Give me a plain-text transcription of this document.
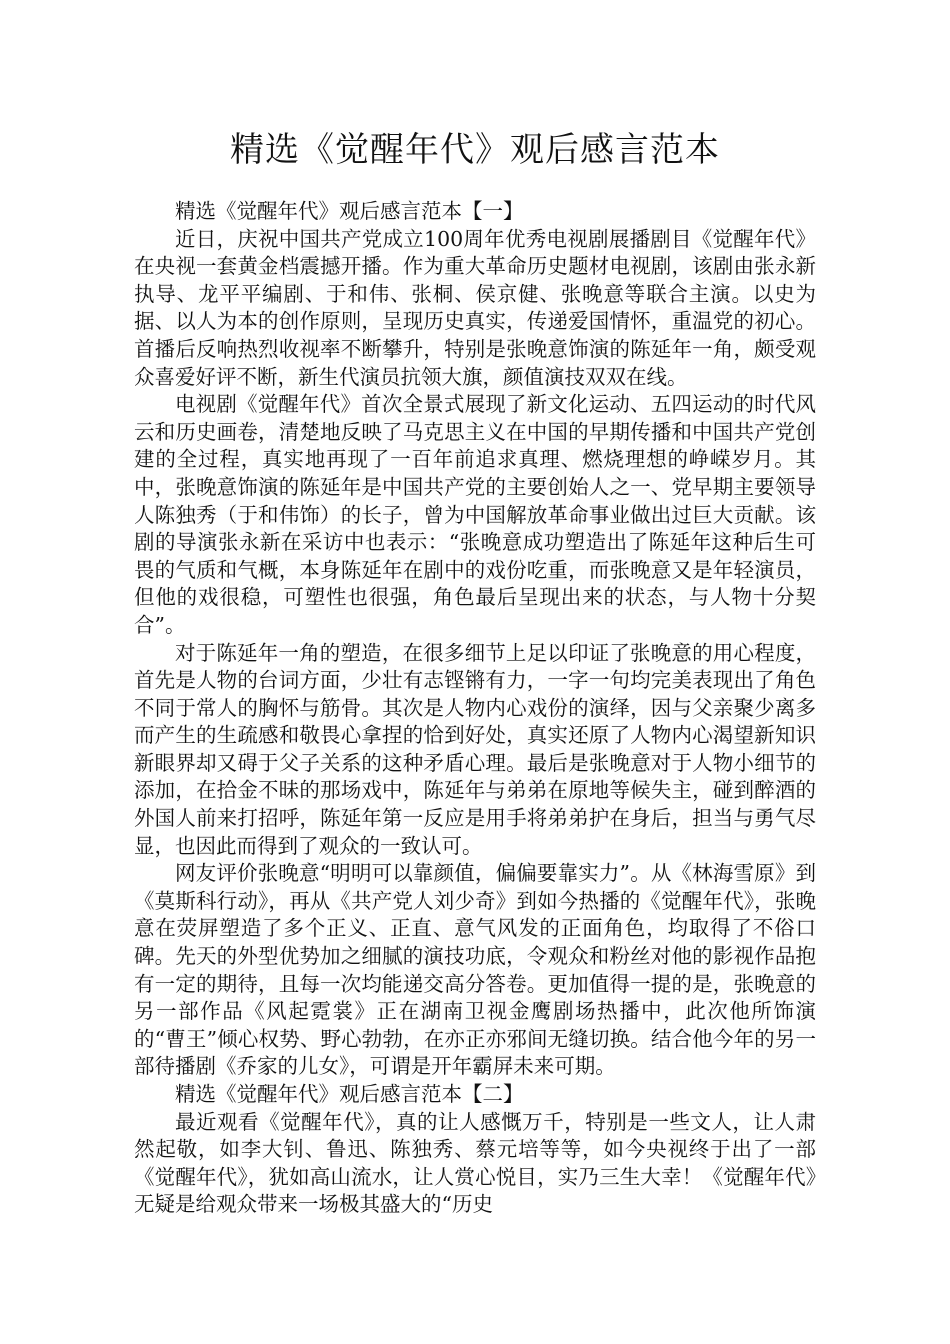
精选《觉醒年代》观后感言范本

精选《觉醒年代》观后感言范本【一】

近日，庆祝中国共产党成立100周年优秀电视剧展播剧目《觉醒年代》在央视一套黄金档震撼开播。作为重大革命历史题材电视剧，该剧由张永新执导、龙平平编剧、于和伟、张桐、侯京健、张晚意等联合主演。以史为据、以人为本的创作原则，呈现历史真实，传递爱国情怀，重温党的初心。首播后反响热烈收视率不断攀升，特别是张晚意饰演的陈延年一角，颇受观众喜爱好评不断，新生代演员抗领大旗，颜值演技双双在线。

电视剧《觉醒年代》首次全景式展现了新文化运动、五四运动的时代风云和历史画卷，清楚地反映了马克思主义在中国的早期传播和中国共产党创建的全过程，真实地再现了一百年前追求真理、燃烧理想的峥嵘岁月。其中，张晚意饰演的陈延年是中国共产党的主要创始人之一、党早期主要领导人陈独秀（于和伟饰）的长子，曾为中国解放革命事业做出过巨大贡献。该剧的导演张永新在采访中也表示：“张晚意成功塑造出了陈延年这种后生可畏的气质和气概，本身陈延年在剧中的戏份吃重，而张晚意又是年轻演员，但他的戏很稳，可塑性也很强，角色最后呈现出来的状态，与人物十分契合”。

对于陈延年一角的塑造，在很多细节上足以印证了张晚意的用心程度，首先是人物的台词方面，少壮有志铿锵有力，一字一句均完美表现出了角色不同于常人的胸怀与筋骨。其次是人物内心戏份的演绎，因与父亲聚少离多而产生的生疏感和敬畏心拿捏的恰到好处，真实还原了人物内心渴望新知识新眼界却又碍于父子关系的这种矛盾心理。最后是张晚意对于人物小细节的添加，在拾金不昧的那场戏中，陈延年与弟弟在原地等候失主，碰到醉酒的外国人前来打招呼，陈延年第一反应是用手将弟弟护在身后，担当与勇气尽显，也因此而得到了观众的一致认可。

网友评价张晚意“明明可以靠颜值，偏偏要靠实力”。从《林海雪原》到《莫斯科行动》，再从《共产党人刘少奇》到如今热播的《觉醒年代》，张晚意在荧屏塑造了多个正义、正直、意气风发的正面角色，均取得了不俗口碑。先天的外型优势加之细腻的演技功底，令观众和粉丝对他的影视作品抱有一定的期待，且每一次均能递交高分答卷。更加值得一提的是，张晚意的另一部作品《风起霓裳》正在湖南卫视金鹰剧场热播中，此次他所饰演的“曹王”倾心权势、野心勃勃，在亦正亦邪间无缝切换。结合他今年的另一部待播剧《乔家的儿女》，可谓是开年霸屏未来可期。

精选《觉醒年代》观后感言范本【二】

最近观看《觉醒年代》，真的让人感慨万千，特别是一些文人，让人肃然起敬，如李大钊、鲁迅、陈独秀、蔡元培等等，如今央视终于出了一部《觉醒年代》，犹如高山流水，让人赏心悦目，实乃三生大幸！《觉醒年代》无疑是给观众带来一场极其盛大的“历史
